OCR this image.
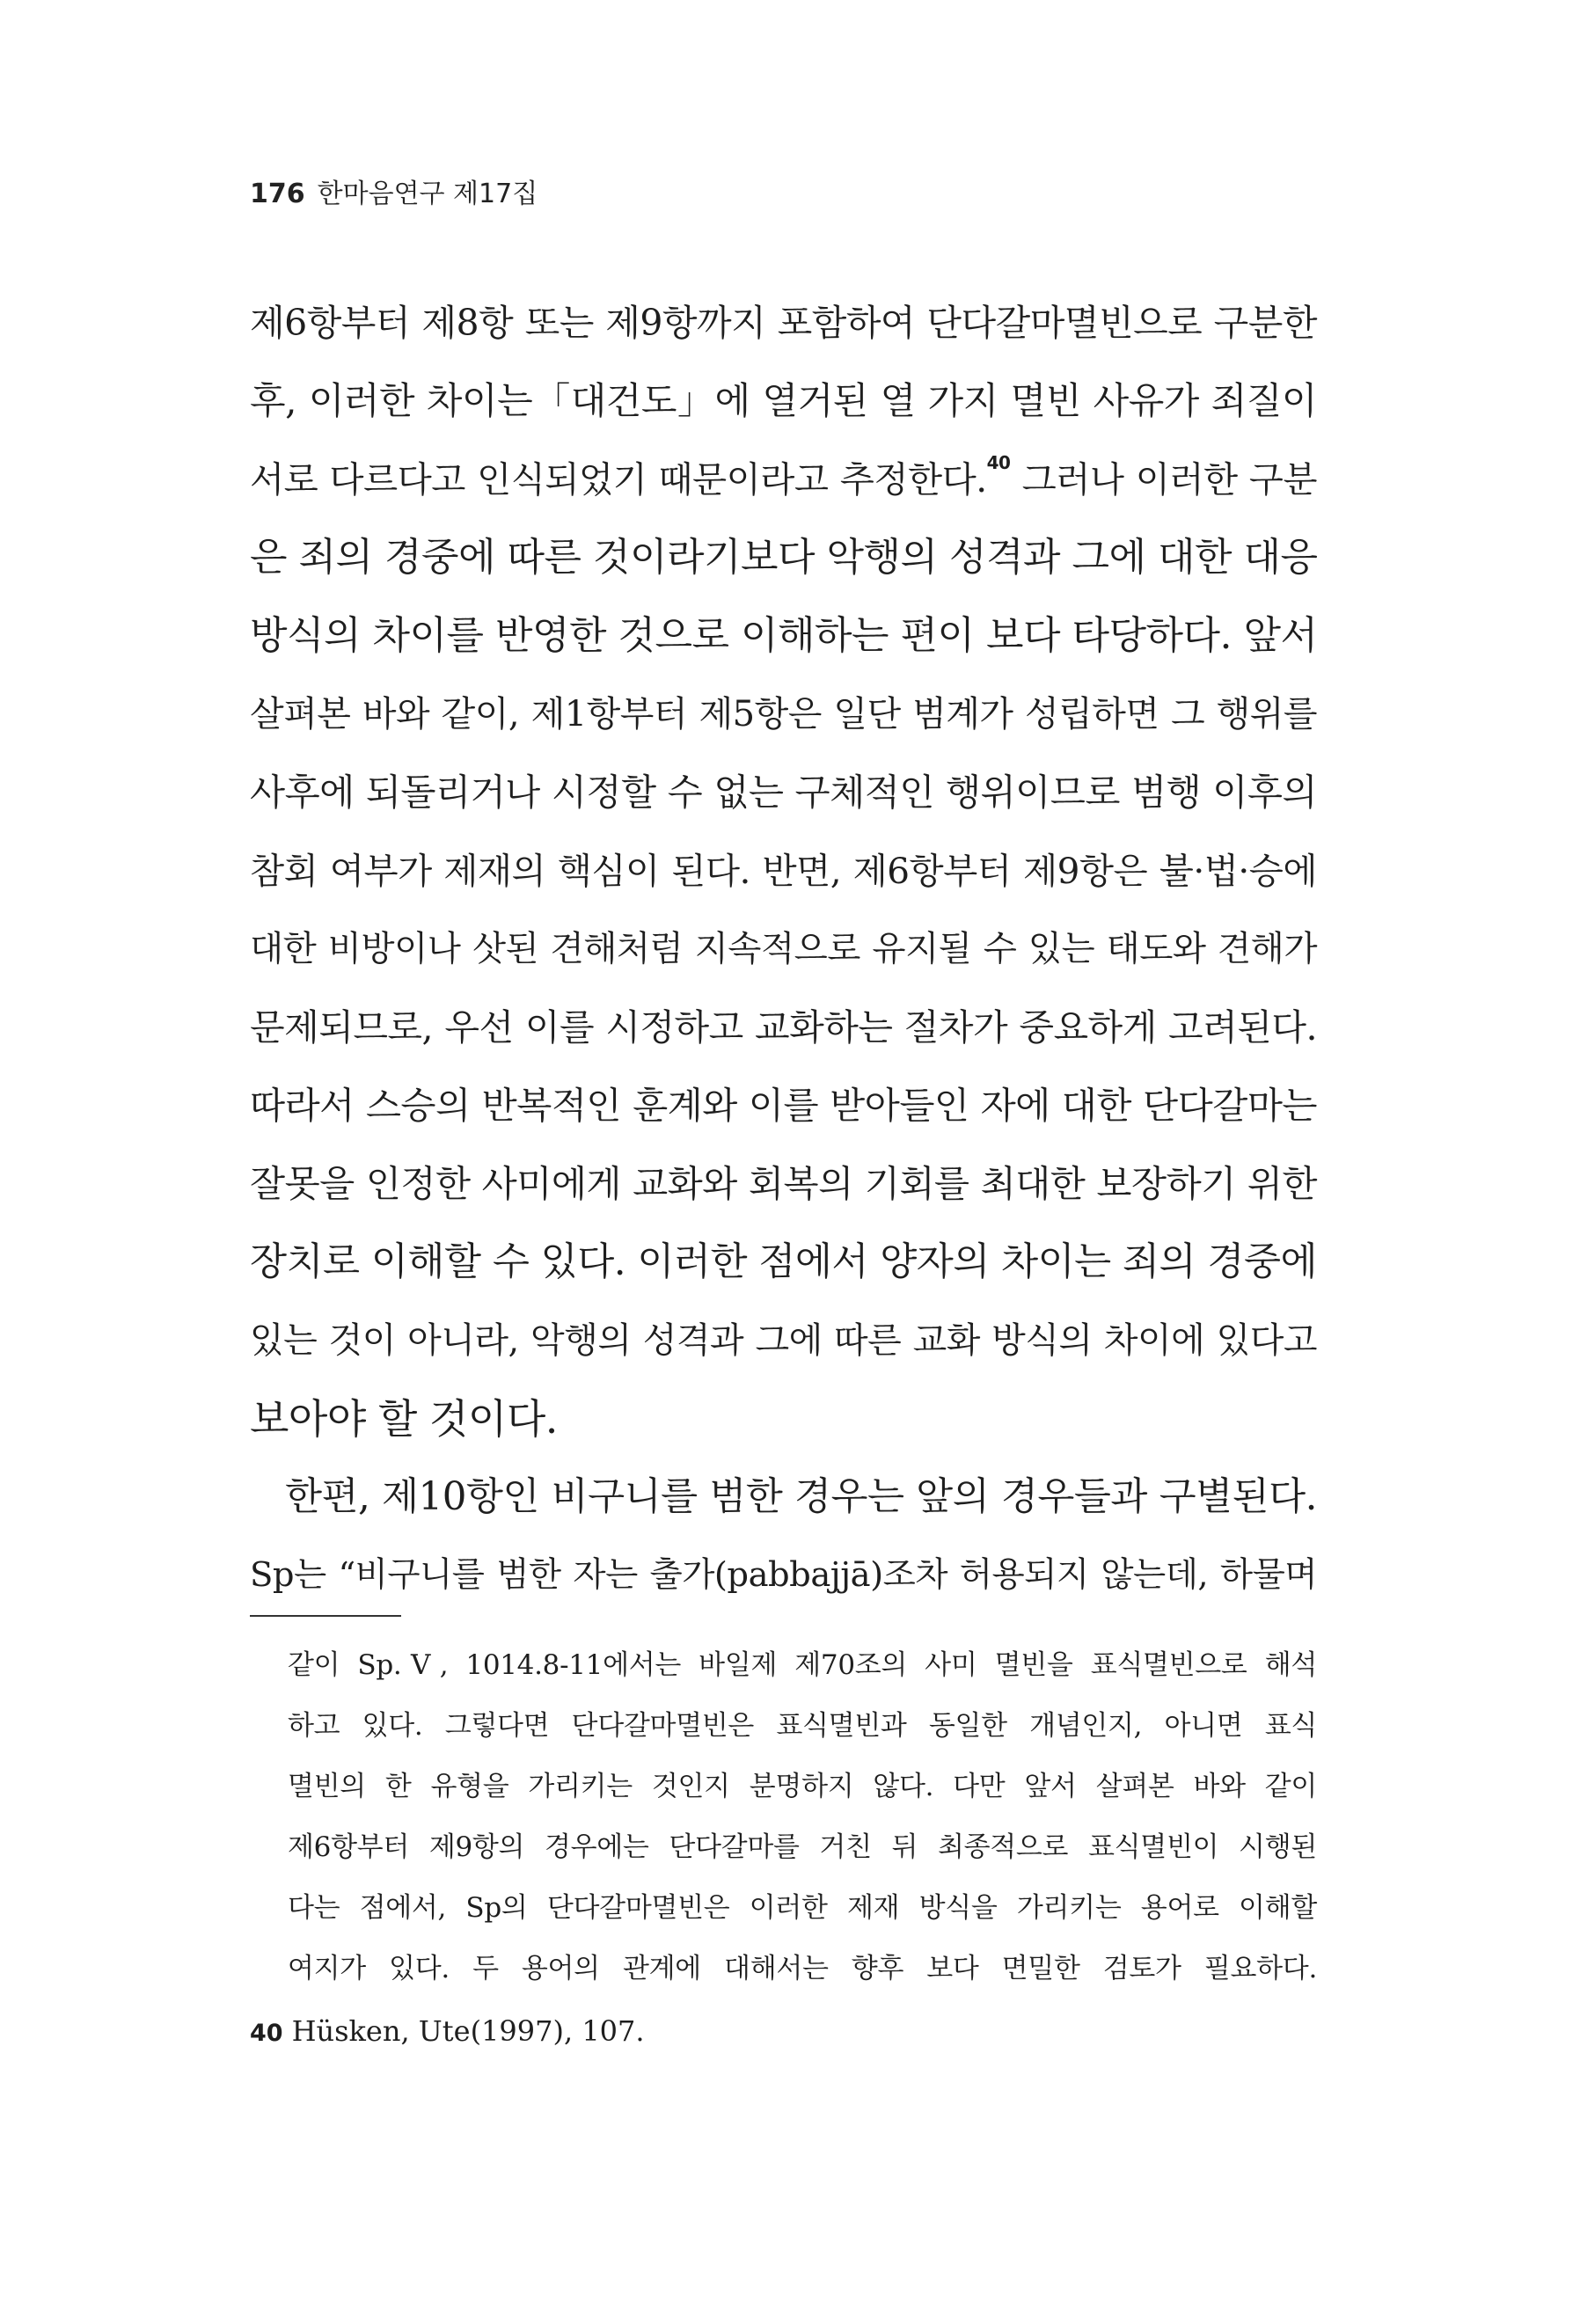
176 한마음연구 제17집
제6항부터 제8항 또는 제9항까지 포함하여 단다갈마멸빈으로 구분한
후, 이러한 차이는「대건도」에 열거된 열 가지 멸빈 사유가 죄질이
서로 다르다고 인식되었기 때문이라고 추정한다.$^{40}$ 그러나 이러한 구분
은 죄의 경중에 따른 것이라기보다 악행의 성격과 그에 대한 대응
방식의 차이를 반영한 것으로 이해하는 편이 보다 타당하다. 앞서
살펴본 바와 같이, 제1항부터 제5항은 일단 범계가 성립하면 그 행위를
사후에 되돌리거나 시정할 수 없는 구체적인 행위이므로 범행 이후의
참회 여부가 제재의 핵심이 된다. 반면, 제6항부터 제9항은 불·법·승에
대한 비방이나 삿된 견해처럼 지속적으로 유지될 수 있는 태도와 견해가
문제되므로, 우선 이를 시정하고 교화하는 절차가 중요하게 고려된다.
따라서 스승의 반복적인 훈계와 이를 받아들인 자에 대한 단다갈마는
잘못을 인정한 사미에게 교화와 회복의 기회를 최대한 보장하기 위한
장치로 이해할 수 있다. 이러한 점에서 양자의 차이는 죄의 경중에
있는 것이 아니라, 악행의 성격과 그에 따른 교화 방식의 차이에 있다고
보아야 할 것이다.
한편, 제10항인 비구니를 범한 경우는 앞의 경우들과 구별된다.
Sp는 “비구니를 범한 자는 출가(pabbajjā)조차 허용되지 않는데, 하물며
같이 Sp.Ⅴ, 1014.8-11에서는 바일제 제70조의 사미 멸빈을 표식멸빈으로 해석
하고 있다. 그렇다면 단다갈마멸빈은 표식멸빈과 동일한 개념인지, 아니면 표식
멸빈의 한 유형을 가리키는 것인지 분명하지 않다. 다만 앞서 살펴본 바와 같이
제6항부터 제9항의 경우에는 단다갈마를 거친 뒤 최종적으로 표식멸빈이 시행된
다는 점에서, Sp의 단다갈마멸빈은 이러한 제재 방식을 가리키는 용어로 이해할
여지가 있다. 두 용어의 관계에 대해서는 향후 보다 면밀한 검토가 필요하다.
40 Hüsken, Ute(1997), 107.
